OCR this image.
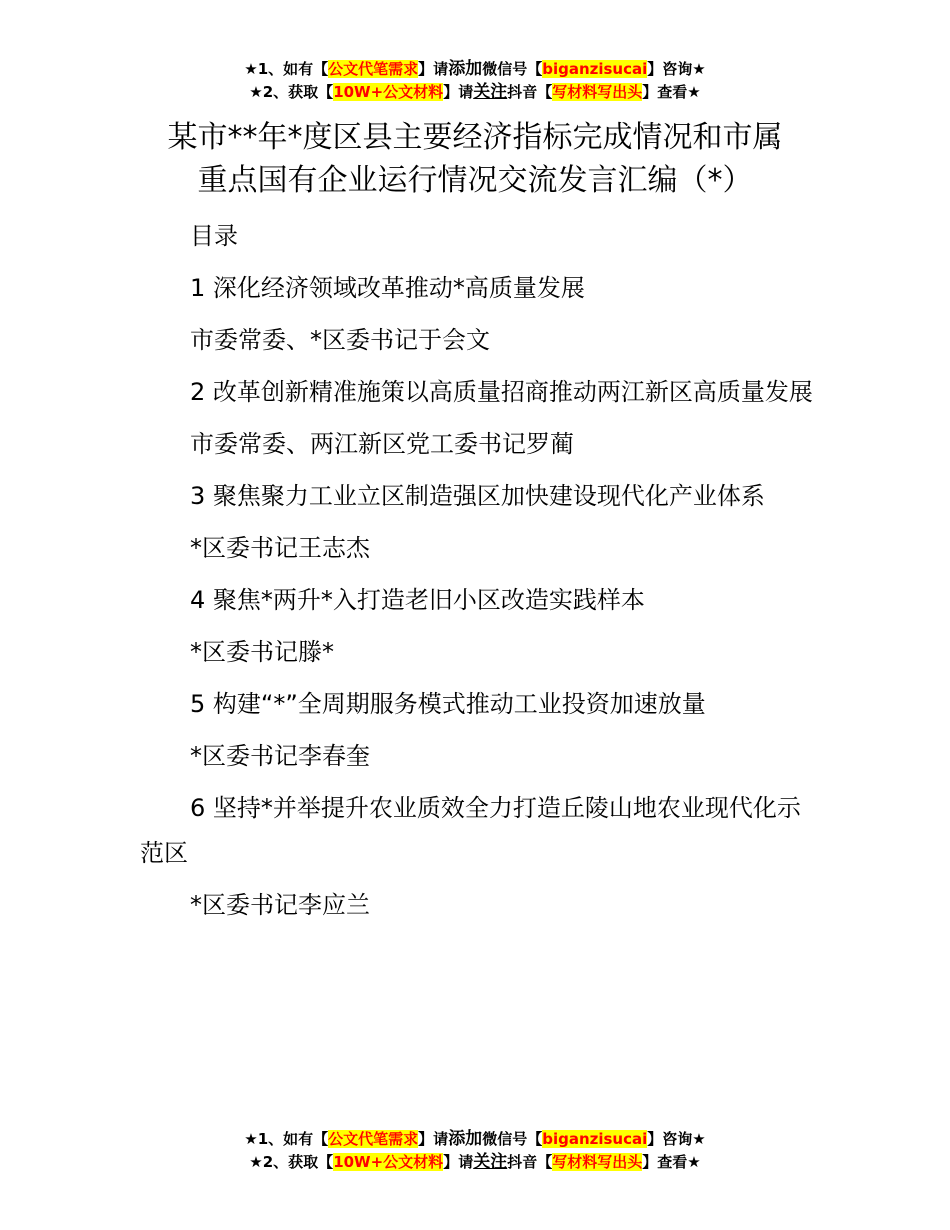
★1、如有【公文代笔需求】请添加微信号【biganzisucai】咨询★
★2、获取【10W+公文材料】请关注抖音【写材料写出头】查看★
某市**年*度区县主要经济指标完成情况和市属
重点国有企业运行情况交流发言汇编（*）

目录

1 深化经济领域改革推动*高质量发展

市委常委、*区委书记于会文

2 改革创新精准施策以高质量招商推动两江新区高质量发展

市委常委、两江新区党工委书记罗蔺

3 聚焦聚力工业立区制造强区加快建设现代化产业体系

*区委书记王志杰

4 聚焦*两升*入打造老旧小区改造实践样本

*区委书记滕*

5 构建“*”全周期服务模式推动工业投资加速放量

*区委书记李春奎

6 坚持*并举提升农业质效全力打造丘陵山地农业现代化示范区

*区委书记李应兰

★1、如有【公文代笔需求】请添加微信号【biganzisucai】咨询★
★2、获取【10W+公文材料】请关注抖音【写材料写出头】查看★
